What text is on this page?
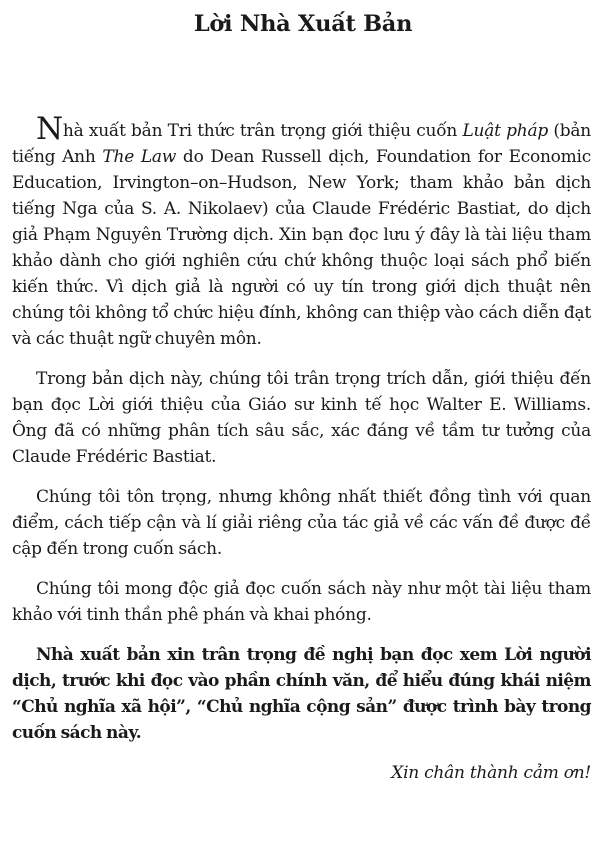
Lời Nhà Xuất Bản

Nhà xuất bản Tri thức trân trọng giới thiệu cuốn Luật pháp (bản tiếng Anh The Law do Dean Russell dịch, Foundation for Economic Education, Irvington–on–Hudson, New York; tham khảo bản dịch tiếng Nga của S. A. Nikolaev) của Claude Frédéric Bastiat, do dịch giả Phạm Nguyên Trường dịch. Xin bạn đọc lưu ý đây là tài liệu tham khảo dành cho giới nghiên cứu chứ không thuộc loại sách phổ biến kiến thức. Vì dịch giả là người có uy tín trong giới dịch thuật nên chúng tôi không tổ chức hiệu đính, không can thiệp vào cách diễn đạt và các thuật ngữ chuyên môn.

Trong bản dịch này, chúng tôi trân trọng trích dẫn, giới thiệu đến bạn đọc Lời giới thiệu của Giáo sư kinh tế học Walter E. Williams. Ông đã có những phân tích sâu sắc, xác đáng về tầm tư tưởng của Claude Frédéric Bastiat.

Chúng tôi tôn trọng, nhưng không nhất thiết đồng tình với quan điểm, cách tiếp cận và lí giải riêng của tác giả về các vấn đề được đề cập đến trong cuốn sách.

Chúng tôi mong độc giả đọc cuốn sách này như một tài liệu tham khảo với tinh thần phê phán và khai phóng.

Nhà xuất bản xin trân trọng đề nghị bạn đọc xem Lời người dịch, trước khi đọc vào phần chính văn, để hiểu đúng khái niệm “Chủ nghĩa xã hội”, “Chủ nghĩa cộng sản” được trình bày trong cuốn sách này.

Xin chân thành cảm ơn!
